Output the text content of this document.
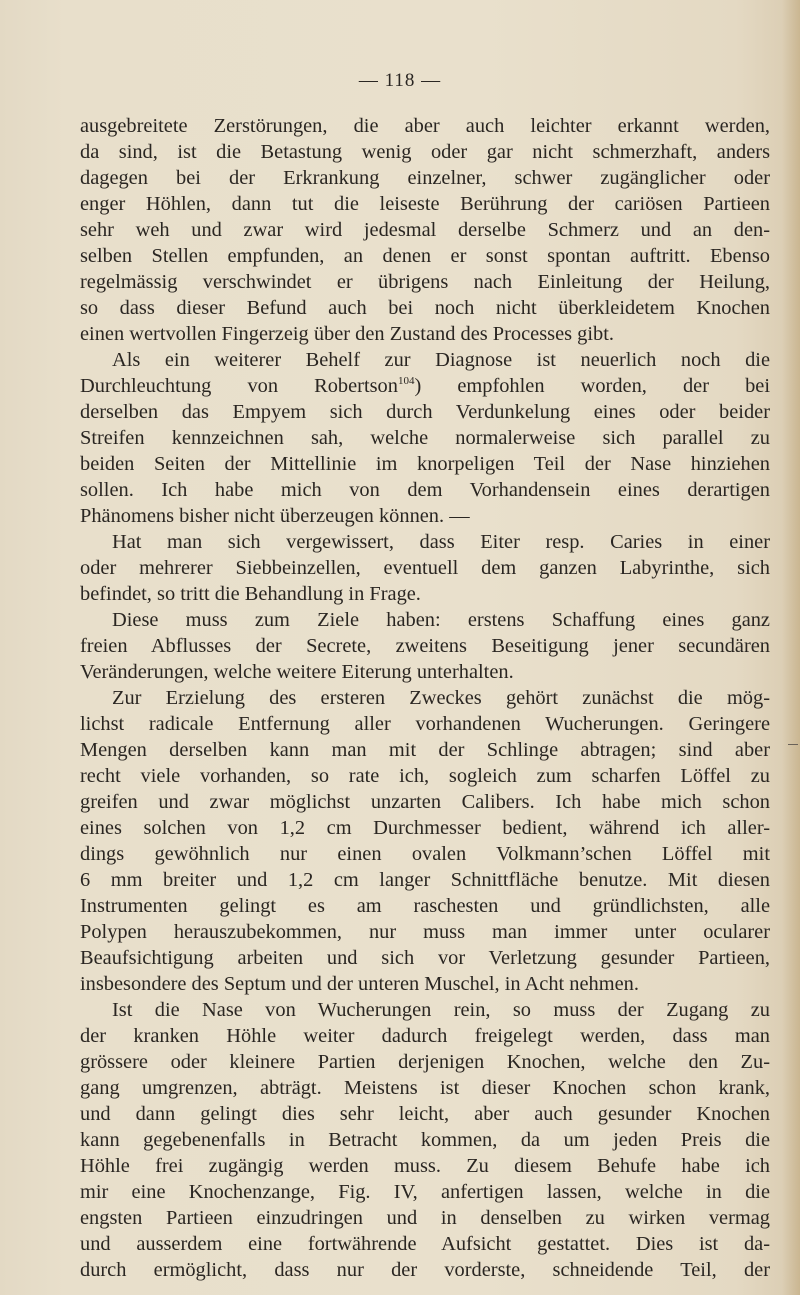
— 118 —
ausgebreitete Zerstörungen, die aber auch leichter erkannt werden,
da sind, ist die Betastung wenig oder gar nicht schmerzhaft, anders
dagegen bei der Erkrankung einzelner, schwer zugänglicher oder
enger Höhlen, dann tut die leiseste Berührung der cariösen Partieen
sehr weh und zwar wird jedesmal derselbe Schmerz und an den-
selben Stellen empfunden, an denen er sonst spontan auftritt. Ebenso
regelmässig verschwindet er übrigens nach Einleitung der Heilung,
so dass dieser Befund auch bei noch nicht überkleidetem Knochen
einen wertvollen Fingerzeig über den Zustand des Processes gibt.
Als ein weiterer Behelf zur Diagnose ist neuerlich noch die
Durchleuchtung von Robertson$^{104}$) empfohlen worden, der bei
derselben das Empyem sich durch Verdunkelung eines oder beider
Streifen kennzeichnen sah, welche normalerweise sich parallel zu
beiden Seiten der Mittellinie im knorpeligen Teil der Nase hinziehen
sollen. Ich habe mich von dem Vorhandensein eines derartigen
Phänomens bisher nicht überzeugen können. —
Hat man sich vergewissert, dass Eiter resp. Caries in einer
oder mehrerer Siebbeinzellen, eventuell dem ganzen Labyrinthe, sich
befindet, so tritt die Behandlung in Frage.
Diese muss zum Ziele haben: erstens Schaffung eines ganz
freien Abflusses der Secrete, zweitens Beseitigung jener secundären
Veränderungen, welche weitere Eiterung unterhalten.
Zur Erzielung des ersteren Zweckes gehört zunächst die mög-
lichst radicale Entfernung aller vorhandenen Wucherungen. Geringere
Mengen derselben kann man mit der Schlinge abtragen; sind aber
recht viele vorhanden, so rate ich, sogleich zum scharfen Löffel zu
greifen und zwar möglichst unzarten Calibers. Ich habe mich schon
eines solchen von 1,2 cm Durchmesser bedient, während ich aller-
dings gewöhnlich nur einen ovalen Volkmann’schen Löffel mit
6 mm breiter und 1,2 cm langer Schnittfläche benutze. Mit diesen
Instrumenten gelingt es am raschesten und gründlichsten, alle
Polypen herauszubekommen, nur muss man immer unter ocularer
Beaufsichtigung arbeiten und sich vor Verletzung gesunder Partieen,
insbesondere des Septum und der unteren Muschel, in Acht nehmen.
Ist die Nase von Wucherungen rein, so muss der Zugang zu
der kranken Höhle weiter dadurch freigelegt werden, dass man
grössere oder kleinere Partien derjenigen Knochen, welche den Zu-
gang umgrenzen, abträgt. Meistens ist dieser Knochen schon krank,
und dann gelingt dies sehr leicht, aber auch gesunder Knochen
kann gegebenenfalls in Betracht kommen, da um jeden Preis die
Höhle frei zugängig werden muss. Zu diesem Behufe habe ich
mir eine Knochenzange, Fig. IV, anfertigen lassen, welche in die
engsten Partieen einzudringen und in denselben zu wirken vermag
und ausserdem eine fortwährende Aufsicht gestattet. Dies ist da-
durch ermöglicht, dass nur der vorderste, schneidende Teil, der
